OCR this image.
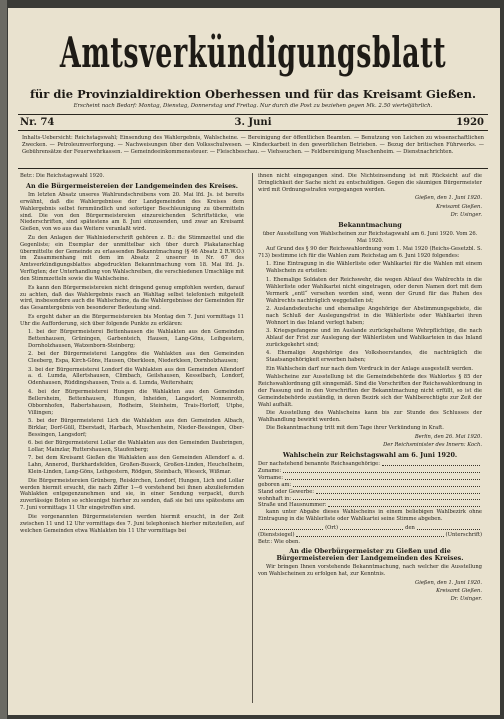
Amtsverkündigungsblatt
für die Provinzialdirektion Oberhessen und für das Kreisamt Gießen.
Erscheint nach Bedarf: Montag, Dienstag, Donnerstag und Freitag. Nur durch die Post zu beziehen gegen Mk. 2.50 vierteljährlich.
Nr. 74	3. Juni	1920
Inhalts-Uebersicht: Reichstagswahl; Einsendung des Wahlergebnis, Wahlscheine. — Bereinigung der öffentlichen Beamten. — Benutzung von Leichen zu wissenschaftlichen Zwecken. — Petroleumverforgung. — Nachweisungen über den Volksschulwesen. — Kindeckarbeit in den gewerblichen Betrieben. — Bezug der britischen Führwerks. — Gebührensätze der Feuerwehrkassen. — Gemeindeeinkommenssteuer. — Fleischbeschau. — Viehseuchen. — Feldbereinigung Muschenheim. — Dienstnachrichten.

Betr.: Die Reichstagswahl 1920.

An die Bürgermeistereien der Landgemeinden des Kreises.

Im letzten Absatz unseres Wahlrundschreibens vom 20. Mai lfd. Js. ist bereits erwähnt, daß die Wahlergebnisse der Landgemeinden des Kreises dem Wahlergebnis selbst fernmündlich und sofortiger Beschleunigung zu übermitteln sind. Die von den Bürgermeistereien einzureichenden Schriftstücke, wie Niederschriften, sind spätestens am 8. Juni einzusenden, und zwar an Kreisamt Gießen, von wo aus das Weitere veranlaßt wird.

Zu den Anlagen der Wahlniederschrift gehören z. B.: die Stimmzettel und die Gegenliste; ein Exemplar der unmittelbar sich über durch Plakatanschlag übermittelte der Gemeinde zu erlassenden Bekanntmachung (§ 46 Absatz 2 R.W.O.) im Zusammenhang mit dem im Absatz 2 unserer in Nr. 67 des Amtsverkündigungsblattes abgedruckten Bekanntmachung vom 18. Mai lfd. Js. Verfügten; der Unterhandlung von Wahlschreiben, die verschiedenen Umschläge mit den Stimmzetteln sowie die Wahlscheine.

Es kann den Bürgermeistereien nicht dringend genug empfohlen werden, darauf zu achten, daß das Wahlergebnis rasch an Wahltag selbst telefonisch mitgeteilt wird, insbesondere auch die Wahlscheine, da die Wahlergebnisse der Gemeinden für das Gesamtergebnis von besonderer Bedeutung sind.

Es ergeht daher an die Bürgermeistereien bis Montag den 7. Juni vormittags 11 Uhr die Aufforderung, sich über folgende Punkte zu erklären:

1. bei der Bürgermeisterei Bettenhausen die Wahlakten aus den Gemeinden Bettenhausen, Grüningen, Garbenteich, Hausen, Lang-Göns, Leihgestern, Dornholzhausen, Watzenborn-Steinberg;

2. bei der Bürgermeisterei Langgöns die Wahlakten aus den Gemeinden Cleeberg, Espa, Kirch-Göns, Hausen, Oberkleen, Niederkleen, Dornholzhausen;

3. bei der Bürgermeisterei Londorf die Wahlakten aus den Gemeinden Allendorf a. d. Lumda, Allertshausen, Climbach, Geilshausen, Kesselbach, Londorf, Odenhausen, Rüddingshausen, Treis a. d. Lumda, Weitershain;

4. bei der Bürgermeisterei Hungen die Wahlakten aus den Gemeinden Bellersheim, Bettenhausen, Hungen, Inheiden, Langsdorf, Nonnenroth, Obbornhofen, Rabertshausen, Rodheim, Steinheim, Trais-Horloff, Utphe, Villingen;

5. bei der Bürgermeisterei Lich die Wahlakten aus den Gemeinden Albach, Birklar, Dorf-Güll, Eberstadt, Harbach, Muschenheim, Nieder-Bessingen, Ober-Bessingen, Langsdorf;

6. bei der Bürgermeisterei Lollar die Wahlakten aus den Gemeinden Daubringen, Lollar, Mainzlar, Ruttershausen, Staufenberg;

7. bei dem Kreisamt Gießen die Wahlakten aus den Gemeinden Allendorf a. d. Lahn, Annerod, Burkhardsfelden, Großen-Buseck, Großen-Linden, Heuchelheim, Klein-Linden, Lang-Göns, Leihgestern, Rödgen, Steinbach, Wieseck, Wißmar.

Die Bürgermeistereien Grünberg, Reiskirchen, Londorf, Hungen, Lich und Lollar werden hiermit ersucht, die nach Ziffer 1—6 vorstehend bei ihnen abzuliefernden Wahlakten entgegenzunehmen und sie, in einer Sendung verpackt, durch zuverlässige Boten so schleunigst hierher zu senden, daß sie bei uns spätestens am 7. Juni vormittags 11 Uhr eingetroffen sind.

Die vorgenannten Bürgermeistereien werden hiermit ersucht, in der Zeit zwischen 11 und 12 Uhr vormittags des 7. Juni telephonisch hierher mitzuteilen, auf welchen Gemeinden etwa Wahlakten bis 11 Uhr vormittags bei

ihnen nicht eingegangen sind. Die Nichteinsendung ist mit Rücksicht auf die Dringlichkeit der Sache nicht zu entschuldigen. Gegen die säumigen Bürgermeister wird mit Ordnungsstrafen vorgegangen werden.

Gießen, den 1. Juni 1920.

Kreisamt Gießen.

Dr. Usinger.

Bekanntmachung

über Ausstellung von Wahlscheinen zur Reichstagswahl am 6. Juni 1920. Vom 26. Mai 1920.

Auf Grund des § 90 der Reichswahlordnung vom 1. Mai 1920 (Reichs-Gesetzbl. S. 713) bestimme ich für die Wahlen zum Reichstag am 6. Juni 1920 folgendes:

1. Eine Eintragung in die Wählerliste oder Wahlkartei für die Wahlen mit einem Wahlschein zu erteilen:

1. Ehemalige Soldaten der Reichswehr, die wegen Ablauf des Wahlrechts in die Wählerliste oder Wahlkartei nicht eingetragen, oder deren Namen dort mit dem Vermerk „entl“ versehen worden sind, wenn der Grund für das Ruhen des Wahlrechts nachträglich weggefallen ist;

2. Auslandsdeutsche und ehemalige Angehörige der Abstimmungsgebiete, die nach Schluß der Auslegungsfrist in die Wählerliste oder Wahlkartei ihren Wohnort in das Inland verlegt haben;

3. Kriegsgefangene und im Auslande zurückgehaltene Wehrpflichtige, die nach Ablauf der Frist zur Auslegung der Wählerlisten und Wahlkarteien in das Inland zurückgekehrt sind;

4. Ehemalige Angehörige des Volksheerstandes, die nachträglich die Staatsangehörigkeit erwerben haben;

Ein Wahlschein darf nur nach dem Vordruck in der Anlage ausgestellt werden.

Wahlscheine zur Ausstellung ist die Gemeindebehörde des Wahlortes § 85 der Reichswahlordnung gilt sinngemäß. Sind die Vorschriften der Reichswahlordnung in der Fassung und in den Vorschriften der Bekanntmachung nicht erfüllt, so ist die Gemeindebehörde zuständig, in deren Bezirk sich der Wahlberechtigte zur Zeit der Wahl aufhält.

Die Ausstellung des Wahlscheins kann bis zur Stunde des Schlusses der Wahlhandlung bewirkt werden.

Die Bekanntmachung tritt mit dem Tage ihrer Verkündung in Kraft.

Berlin, den 26. Mai 1920.

Der Reichsminister des Innern: Koch.

Wahlschein zur Reichstagswahl am 6. Juni 1920.

Der nachstehend benannte Reichsangehörige:
Zuname:
Vorname:
geboren am:
Stand oder Gewerbe:
wohnhaft in:
Straße und Hausnummer:

kann unter Abgabe dieses Wahlscheins in einem beliebigen Wahlbezirk ohne Eintragung in die Wählerliste oder Wahlkartei seine Stimme abgeben.

(Ort)	den
(Dienstsiegel)	(Unterschrift)

Betr.: Wie oben.

An die Oberbürgermeister zu Gießen und die Bürgermeistereien der Landgemeinden des Kreises.

Wir bringen Ihnen vorstehende Bekanntmachung, nach welcher die Ausstellung von Wahlscheinen zu erfolgen hat, zur Kenntnis.

Gießen, den 1. Juni 1920.

Kreisamt Gießen.

Dr. Usinger.
